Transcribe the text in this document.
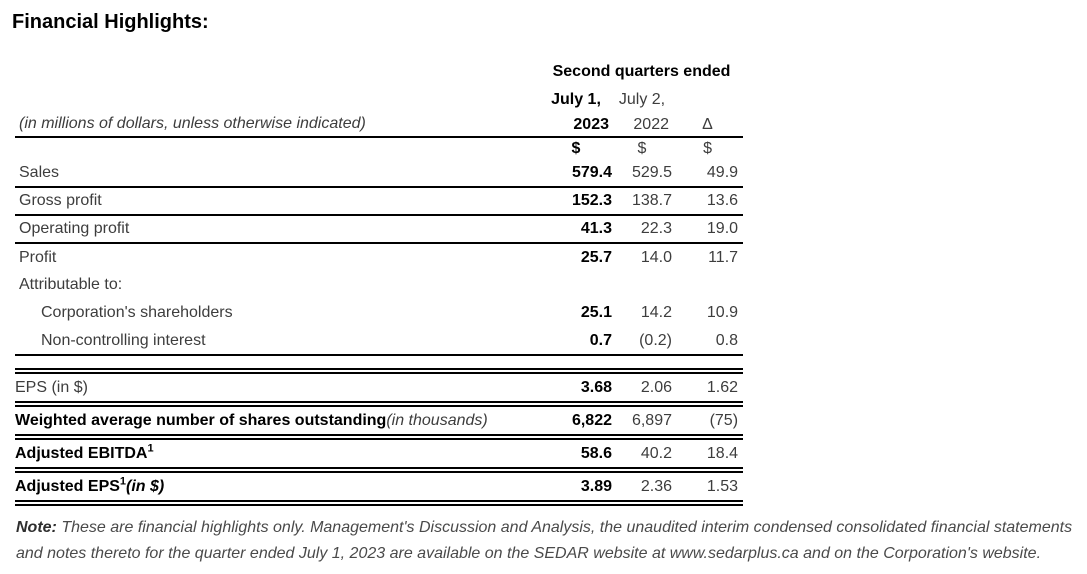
Financial Highlights:
	Second quarters ended		
	July 1,	July 2,	
(in millions of dollars, unless otherwise indicated)	2023	2022	Δ
	$	$	$
Sales	579.4	529.5	49.9
Gross profit	152.3	138.7	13.6
Operating profit	41.3	22.3	19.0
Profit	25.7	14.0	11.7
Attributable to:			
Corporation's shareholders	25.1	14.2	10.9
Non-controlling interest	0.7	(0.2)	0.8

EPS (in $)	3.68	2.06	1.62
Weighted average number of shares outstanding(in thousands)	6,822	6,897	(75)
Adjusted EBITDA$^1$	58.6	40.2	18.4
Adjusted EPS$^1$(in $)	3.89	2.36	1.53
Note: These are financial highlights only. Management's Discussion and Analysis, the unaudited interim condensed consolidated financial statements and notes thereto for the quarter ended July 1, 2023 are available on the SEDAR website at www.sedarplus.ca and on the Corporation's website.
